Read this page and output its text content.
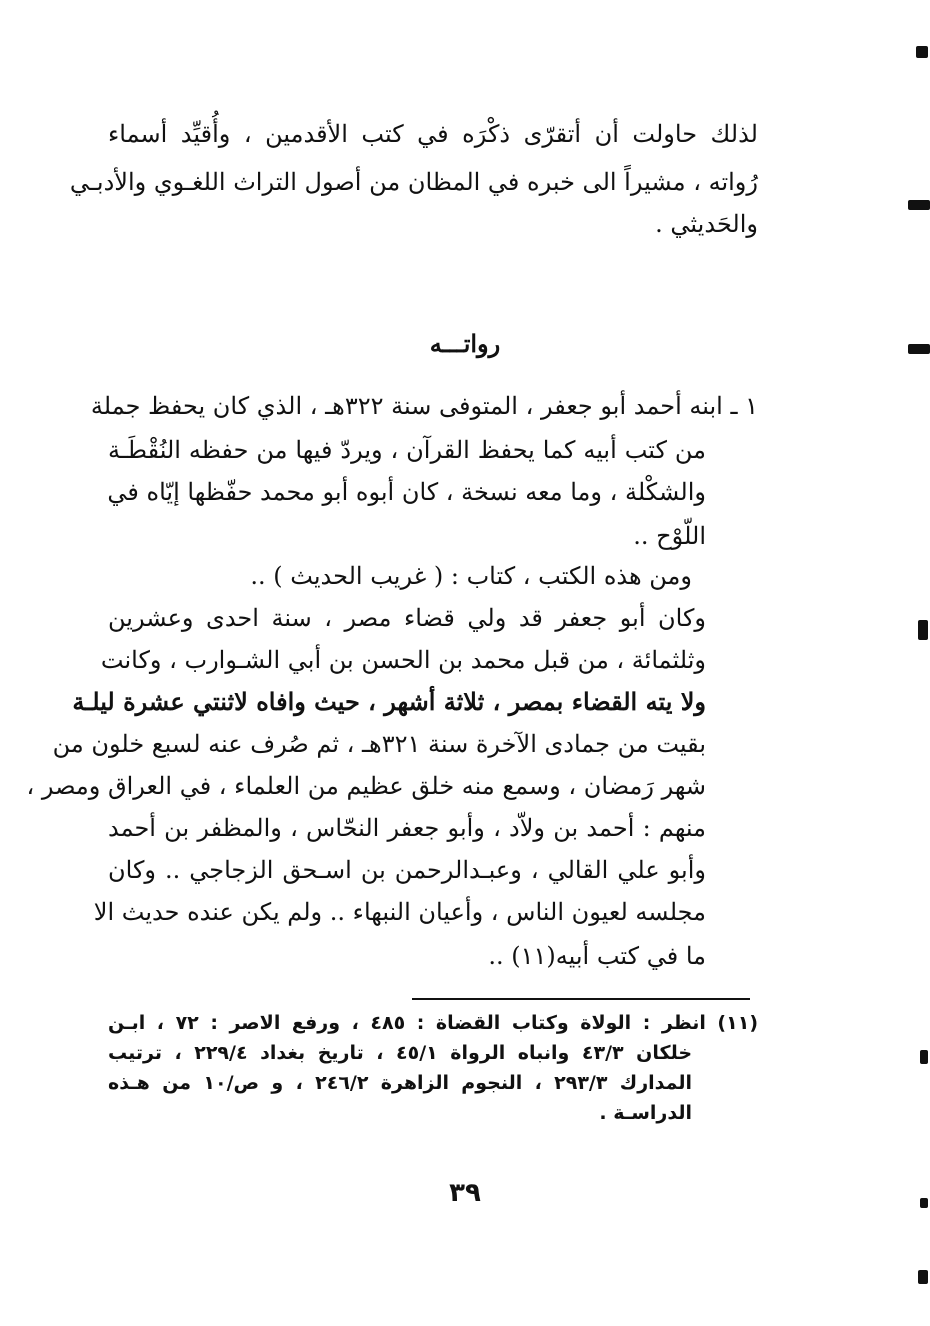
لذلك حاولت أن أتقرّى ذكْرَه في كتب الأقدمين ، وأُقيِّد أسماء
رُواته ، مشيراً الى خبره في المظان من أصول التراث اللغـوي والأدبـي
والحَديثي .
رواتـــه
١ ـ ابنه أحمد أبو جعفر ، المتوفى سنة ٣٢٢هـ ، الذي كان يحفظ جملة
من كتب أبيه كما يحفظ القرآن ، ويردّ فيها من حفظه النُقْطَـة
والشكْلة ، وما معه نسخة ، كان أبوه أبو محمد حفّظها إيّاه في
اللّوْح ..
ومن هذه الكتب ، كتاب : ( غريب الحديث ) ..
وكان أبو جعفر قد ولي قضاء مصر ، سنة احدى وعشرين
وثلثمائة ، من قبل محمد بن الحسن بن أبي الشـوارب ، وكانت
ولا يته القضاء بمصر ، ثلاثة أشهر ، حيث وافاه لاثنتي عشرة ليلـة
بقيت من جمادى الآخرة سنة ٣٢١هـ ، ثم صُرف عنه لسبع خلون من
شهر رَمضان ، وسمع منه خلق عظيم من العلماء ، في العراق ومصر ،
منهم : أحمد بن ولاّد ، وأبو جعفر النحّاس ، والمظفر بن أحمد
وأبو علي القالي ، وعبـدالرحمن بن اسـحق الزجاجي .. وكان
مجلسه لعيون الناس ، وأعيان النبهاء .. ولم يكن عنده حديث الا
ما في كتب أبيه(١١) ..
(١١) انظر : الولاة وكتاب القضاة : ٤٨٥ ، ورفع الاصر : ٧٢ ، ابـن
خلكان ٤٣/٣ وانباه الرواة ٤٥/١ ، تاريخ بغداد ٢٢٩/٤ ، ترتيب
المدارك ٢٩٣/٣ ، النجوم الزاهرة ٢٤٦/٢ ، و ص/١٠ من هـذه
الدراسـة .
٣٩
